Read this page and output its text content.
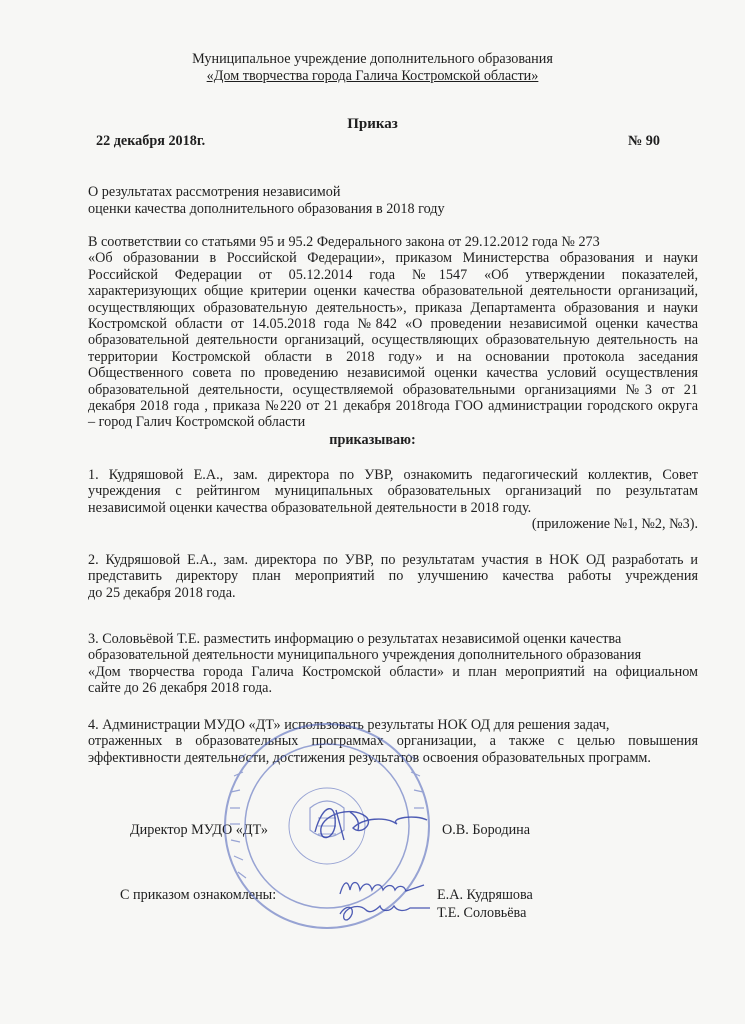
Муниципальное учреждение дополнительного образования
«Дом творчества города Галича Костромской области»
Приказ
22 декабря 2018г.	№ 90
О результатах рассмотрения независимой
оценки качества дополнительного образования в 2018 году
В соответствии со статьями 95 и 95.2 Федерального закона от 29.12.2012 года № 273
«Об образовании в Российской Федерации», приказом Министерства образования и науки
Российской Федерации от 05.12.2014 года №1547 «Об утверждении показателей,
характеризующих общие критерии оценки качества образовательной деятельности организаций,
осуществляющих образовательную деятельность», приказа Департамента образования и науки
Костромской области от 14.05.2018 года №842 «О проведении независимой оценки качества
образовательной деятельности организаций, осуществляющих образовательную деятельность на
территории Костромской области в 2018 году» и на основании протокола заседания
Общественного совета по проведению независимой оценки качества условий осуществления
образовательной деятельности, осуществляемой образовательными организациями №3 от 21
декабря 2018 года , приказа №220 от 21 декабря 2018года ГОО администрации городского округа
– город Галич Костромской области
приказываю:
1. Кудряшовой Е.А., зам. директора по УВР, ознакомить педагогический коллектив, Совет
учреждения с рейтингом муниципальных образовательных организаций по результатам
независимой оценки качества образовательной деятельности в 2018 году.
(приложение №1, №2, №3).
2. Кудряшовой Е.А., зам. директора по УВР, по результатам участия в НОК ОД разработать и
представить директору план мероприятий по улучшению качества работы учреждения
до 25 декабря 2018 года.
3. Соловьёвой Т.Е. разместить информацию о результатах независимой оценки качества
образовательной деятельности муниципального учреждения дополнительного образования
«Дом творчества города Галича Костромской области» и план мероприятий на официальном
сайте до 26 декабря 2018 года.
4. Администрации МУДО «ДТ» использовать результаты НОК ОД для решения задач,
отраженных в образовательных программах организации, а также с целью повышения
эффективности деятельности, достижения результатов освоения образовательных программ.
Директор МУДО «ДТ»	О.В. Бородина
С приказом ознакомлены:	Е.А. Кудряшова
Т.Е. Соловьёва
